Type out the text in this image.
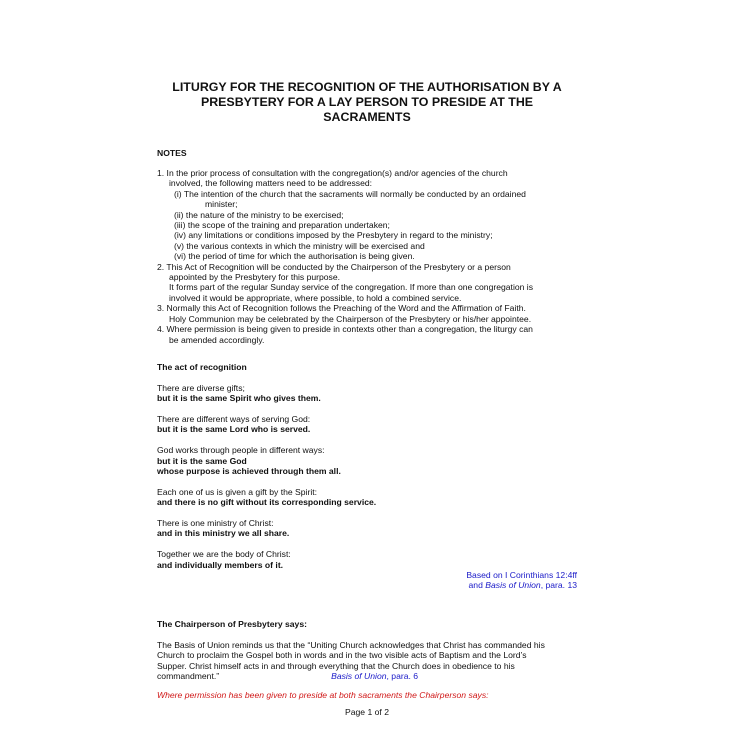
LITURGY FOR THE RECOGNITION OF THE AUTHORISATION BY A
PRESBYTERY FOR A LAY PERSON TO PRESIDE AT THE
SACRAMENTS
NOTES
1. In the prior process of consultation with the congregation(s) and/or agencies of the church
involved, the following matters need to be addressed:
(i) The intention of the church that the sacraments will normally be conducted by an ordained
minister;
(ii) the nature of the ministry to be exercised;
(iii) the scope of the training and preparation undertaken;
(iv) any limitations or conditions imposed by the Presbytery in regard to the ministry;
(v) the various contexts in which the ministry will be exercised and
(vi) the period of time for which the authorisation is being given.
2. This Act of Recognition will be conducted by the Chairperson of the Presbytery or a person
appointed by the Presbytery for this purpose.
It forms part of the regular Sunday service of the congregation. If more than one congregation is
involved it would be appropriate, where possible, to hold a combined service.
3. Normally this Act of Recognition follows the Preaching of the Word and the Affirmation of Faith.
Holy Communion may be celebrated by the Chairperson of the Presbytery or his/her appointee.
4. Where permission is being given to preside in contexts other than a congregation, the liturgy can
be amended accordingly.
The act of recognition
There are diverse gifts;
but it is the same Spirit who gives them.
There are different ways of serving God:
but it is the same Lord who is served.
God works through people in different ways:
but it is the same God
whose purpose is achieved through them all.
Each one of us is given a gift by the Spirit:
and there is no gift without its corresponding service.
There is one ministry of Christ:
and in this ministry we all share.
Together we are the body of Christ:
and individually members of it.
Based on I Corinthians 12:4ff
and Basis of Union, para. 13
The Chairperson of Presbytery says:
The Basis of Union reminds us that the “Uniting Church acknowledges that Christ has commanded his
Church to proclaim the Gospel both in words and in the two visible acts of Baptism and the Lord’s
Supper. Christ himself acts in and through everything that the Church does in obedience to his
commandment.”	Basis of Union, para. 6
Where permission has been given to preside at both sacraments the Chairperson says:
Page 1 of 2
